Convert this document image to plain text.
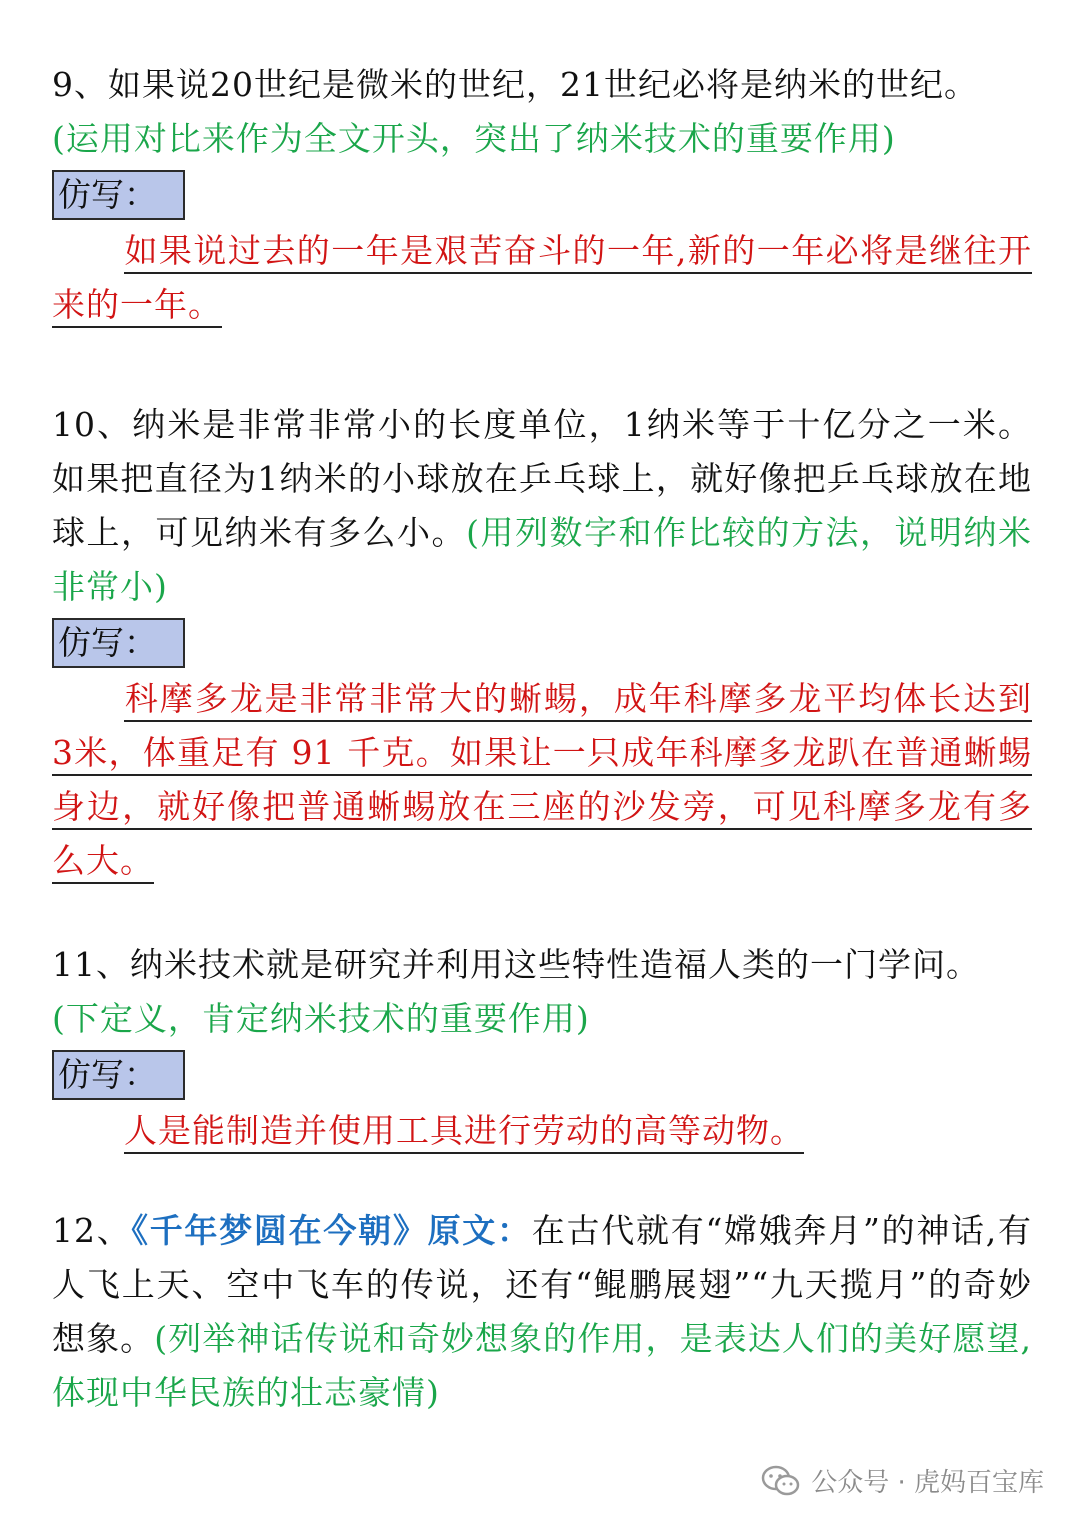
9、如果说20世纪是微米的世纪，21世纪必将是纳米的世纪。
(运用对比来作为全文开头，突出了纳米技术的重要作用)

仿写：

如果说过去的一年是艰苦奋斗的一年,新的一年必将是继往开来的一年。

10、纳米是非常非常小的长度单位，1纳米等于十亿分之一米。如果把直径为1纳米的小球放在乒乓球上，就好像把乒乓球放在地球上，可见纳米有多么小。(用列数字和作比较的方法，说明纳米非常小)

仿写：

科摩多龙是非常非常大的蜥蜴，成年科摩多龙平均体长达到 3米，体重足有 91 千克。如果让一只成年科摩多龙趴在普通蜥蜴身边，就好像把普通蜥蜴放在三座的沙发旁，可见科摩多龙有多么大。

11、纳米技术就是研究并利用这些特性造福人类的一门学问。
(下定义，肯定纳米技术的重要作用)

仿写：

人是能制造并使用工具进行劳动的高等动物。

12、《千年梦圆在今朝》原文：在古代就有“嫦娥奔月”的神话,有人飞上天、空中飞车的传说，还有“鲲鹏展翅”“九天揽月”的奇妙想象。(列举神话传说和奇妙想象的作用，是表达人们的美好愿望,体现中华民族的壮志豪情)

公众号 · 虎妈百宝库
